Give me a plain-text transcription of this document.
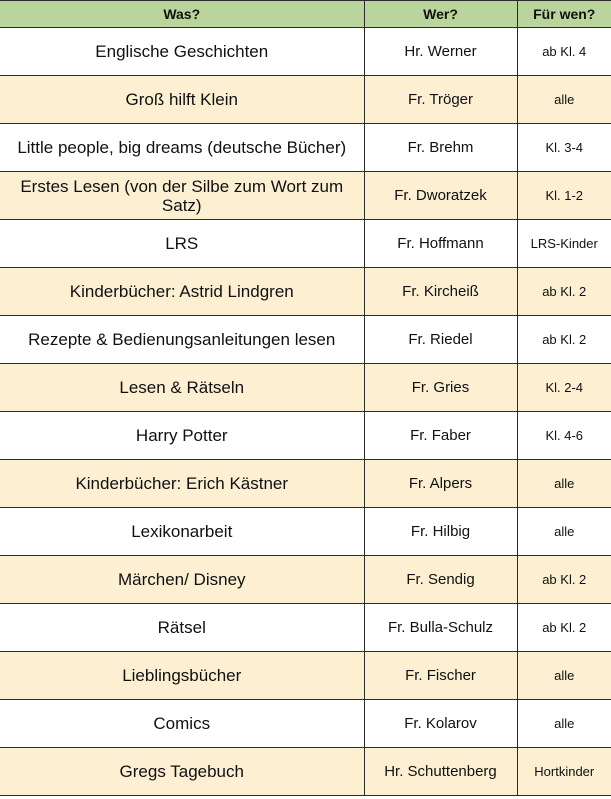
Was?	Wer?	Für wen?
Englische Geschichten	Hr. Werner	ab Kl. 4
Groß hilft Klein	Fr. Tröger	alle
Little people, big dreams (deutsche Bücher)	Fr. Brehm	Kl. 3-4
Erstes Lesen (von der Silbe zum Wort zum Satz)	Fr. Dworatzek	Kl. 1-2
LRS	Fr. Hoffmann	LRS-Kinder
Kinderbücher: Astrid Lindgren	Fr. Kircheiß	ab Kl. 2
Rezepte & Bedienungsanleitungen lesen	Fr. Riedel	ab Kl. 2
Lesen & Rätseln	Fr. Gries	Kl. 2-4
Harry Potter	Fr. Faber	Kl. 4-6
Kinderbücher: Erich Kästner	Fr. Alpers	alle
Lexikonarbeit	Fr. Hilbig	alle
Märchen/ Disney	Fr. Sendig	ab Kl. 2
Rätsel	Fr. Bulla-Schulz	ab Kl. 2
Lieblingsbücher	Fr. Fischer	alle
Comics	Fr. Kolarov	alle
Gregs Tagebuch	Hr. Schuttenberg	Hortkinder
